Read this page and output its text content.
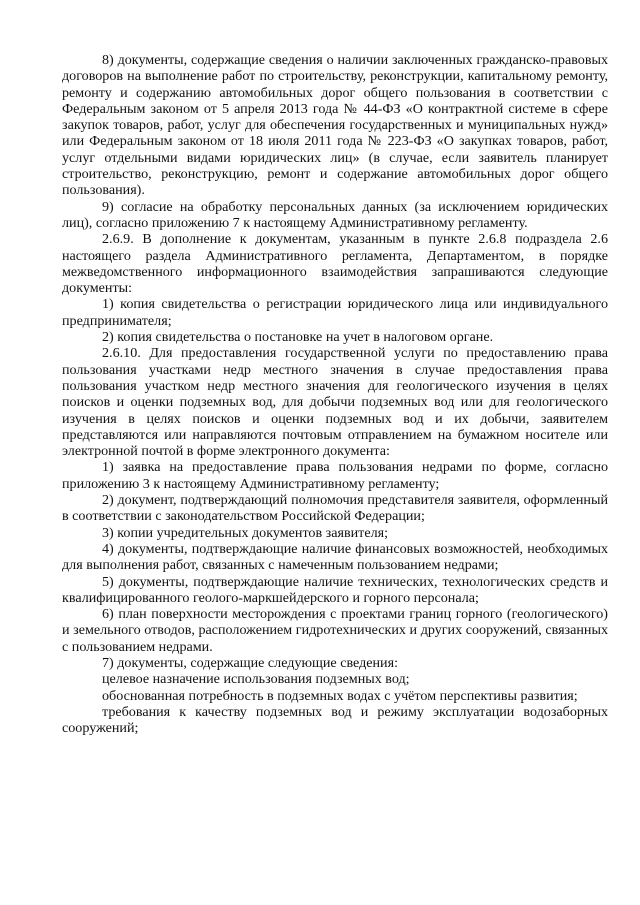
8) документы, содержащие сведения о наличии заключенных гражданско-правовых договоров на выполнение работ по строительству, реконструкции, капитальному ремонту, ремонту и содержанию автомобильных дорог общего пользования в соответствии с Федеральным законом от 5 апреля 2013 года № 44-ФЗ «О контрактной системе в сфере закупок товаров, работ, услуг для обеспечения государственных и муниципальных нужд» или Федеральным законом от 18 июля 2011 года № 223-ФЗ «О закупках товаров, работ, услуг отдельными видами юридических лиц» (в случае, если заявитель планирует строительство, реконструкцию, ремонт и содержание автомобильных дорог общего пользования).

9) согласие на обработку персональных данных (за исключением юридических лиц), согласно приложению 7 к настоящему Административному регламенту.

2.6.9. В дополнение к документам, указанным в пункте 2.6.8 подраздела 2.6 настоящего раздела Административного регламента, Департаментом, в порядке межведомственного информационного взаимодействия запрашиваются следующие документы:

1) копия свидетельства о регистрации юридического лица или индивидуального предпринимателя;

2) копия свидетельства о постановке на учет в налоговом органе.

2.6.10. Для предоставления государственной услуги по предоставлению права пользования участками недр местного значения в случае предоставления права пользования участком недр местного значения для геологического изучения в целях поисков и оценки подземных вод, для добычи подземных вод или для геологического изучения в целях поисков и оценки подземных вод и их добычи, заявителем представляются или направляются почтовым отправлением на бумажном носителе или электронной почтой в форме электронного документа:

1) заявка на предоставление права пользования недрами по форме, согласно приложению 3 к настоящему Административному регламенту;

2) документ, подтверждающий полномочия представителя заявителя, оформленный в соответствии с законодательством Российской Федерации;

3) копии учредительных документов заявителя;

4) документы, подтверждающие наличие финансовых возможностей, необходимых для выполнения работ, связанных с намеченным пользованием недрами;

5) документы, подтверждающие наличие технических, технологических средств и квалифицированного геолого-маркшейдерского и горного персонала;

6) план поверхности месторождения с проектами границ горного (геологического) и земельного отводов, расположением гидротехнических и других сооружений, связанных с пользованием недрами.

7) документы, содержащие следующие сведения:

целевое назначение использования подземных вод;

обоснованная потребность в подземных водах с учётом перспективы развития;

требования к качеству подземных вод и режиму эксплуатации водозаборных сооружений;
